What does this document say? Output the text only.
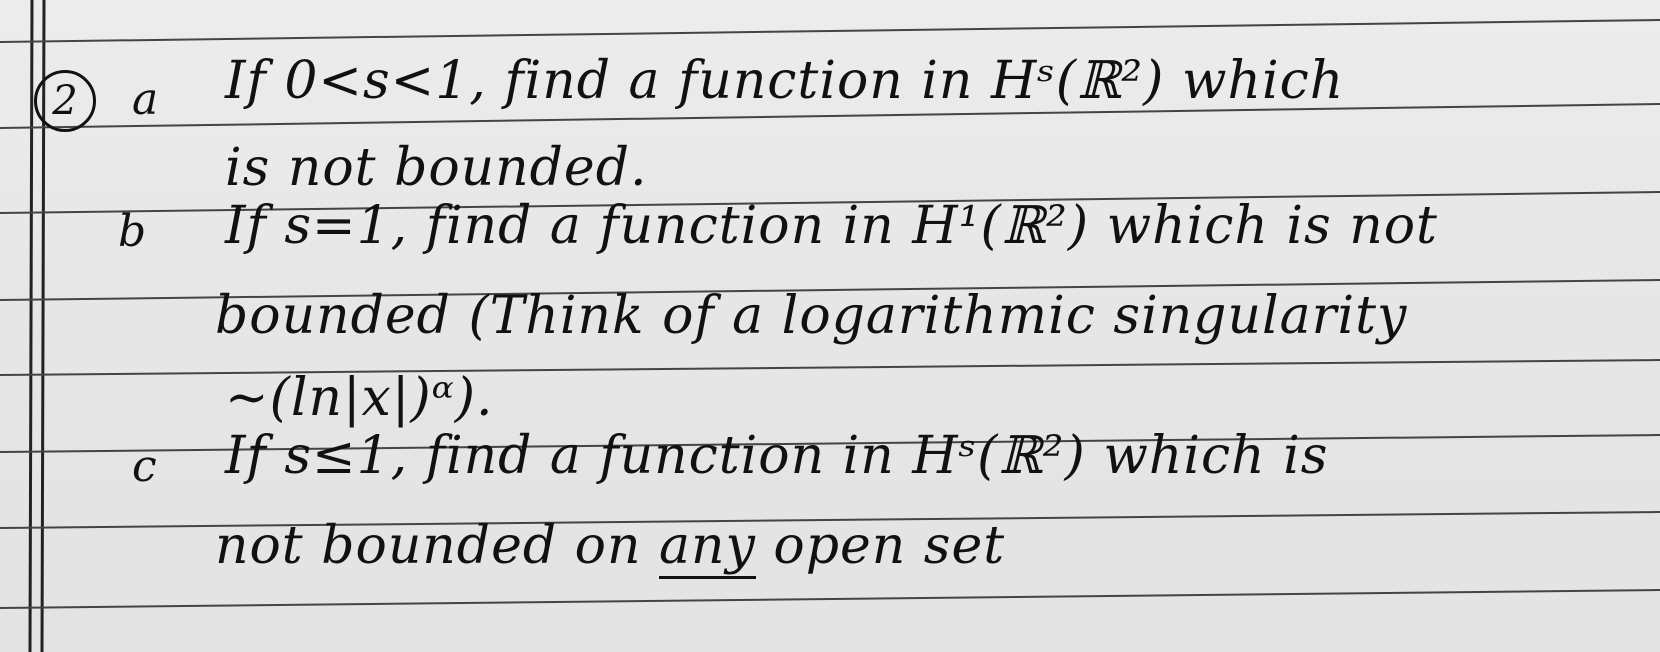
2	a If 0<s<1, find a function in Hˢ(ℝ²) which
is not bounded.
b If s=1, find a function in H¹(ℝ²) which is not
bounded (Think of a logarithmic singularity
~(ln|x|)ᵅ).
c If s≤1, find a function in Hˢ(ℝ²) which is
not bounded on any open set
